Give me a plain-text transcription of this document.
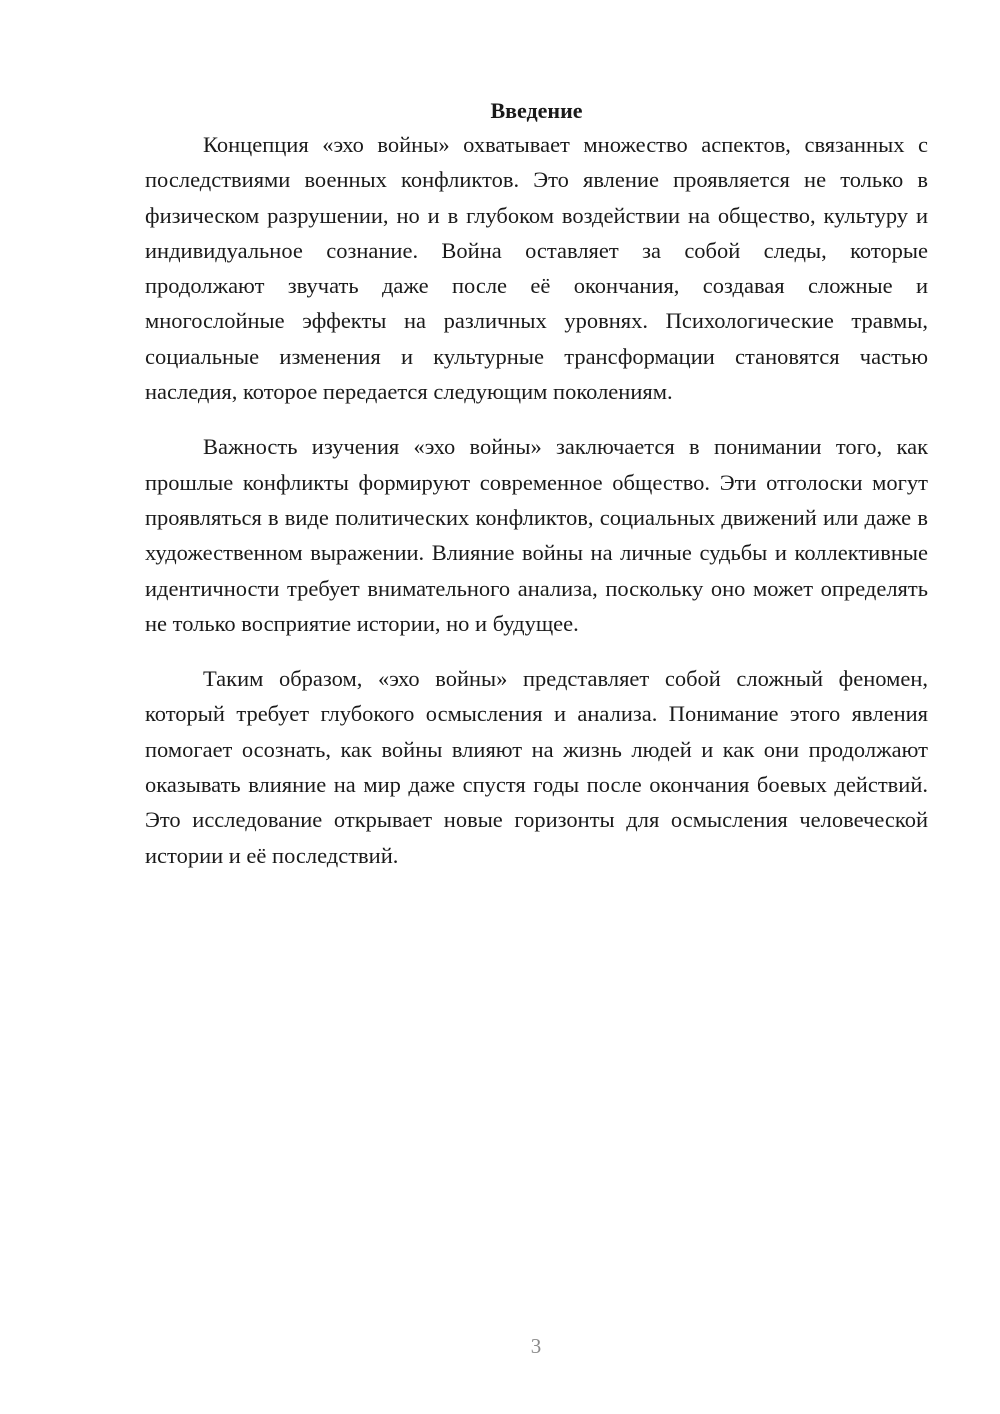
Введение

Концепция «эхо войны» охватывает множество аспектов, связанных с последствиями военных конфликтов. Это явление проявляется не только в физическом разрушении, но и в глубоком воздействии на общество, культуру и индивидуальное сознание. Война оставляет за собой следы, которые продолжают звучать даже после её окончания, создавая сложные и многослойные эффекты на различных уровнях. Психологические травмы, социальные изменения и культурные трансформации становятся частью наследия, которое передается следующим поколениям.

Важность изучения «эхо войны» заключается в понимании того, как прошлые конфликты формируют современное общество. Эти отголоски могут проявляться в виде политических конфликтов, социальных движений или даже в художественном выражении. Влияние войны на личные судьбы и коллективные идентичности требует внимательного анализа, поскольку оно может определять не только восприятие истории, но и будущее.

Таким образом, «эхо войны» представляет собой сложный феномен, который требует глубокого осмысления и анализа. Понимание этого явления помогает осознать, как войны влияют на жизнь людей и как они продолжают оказывать влияние на мир даже спустя годы после окончания боевых действий. Это исследование открывает новые горизонты для осмысления человеческой истории и её последствий.

3
